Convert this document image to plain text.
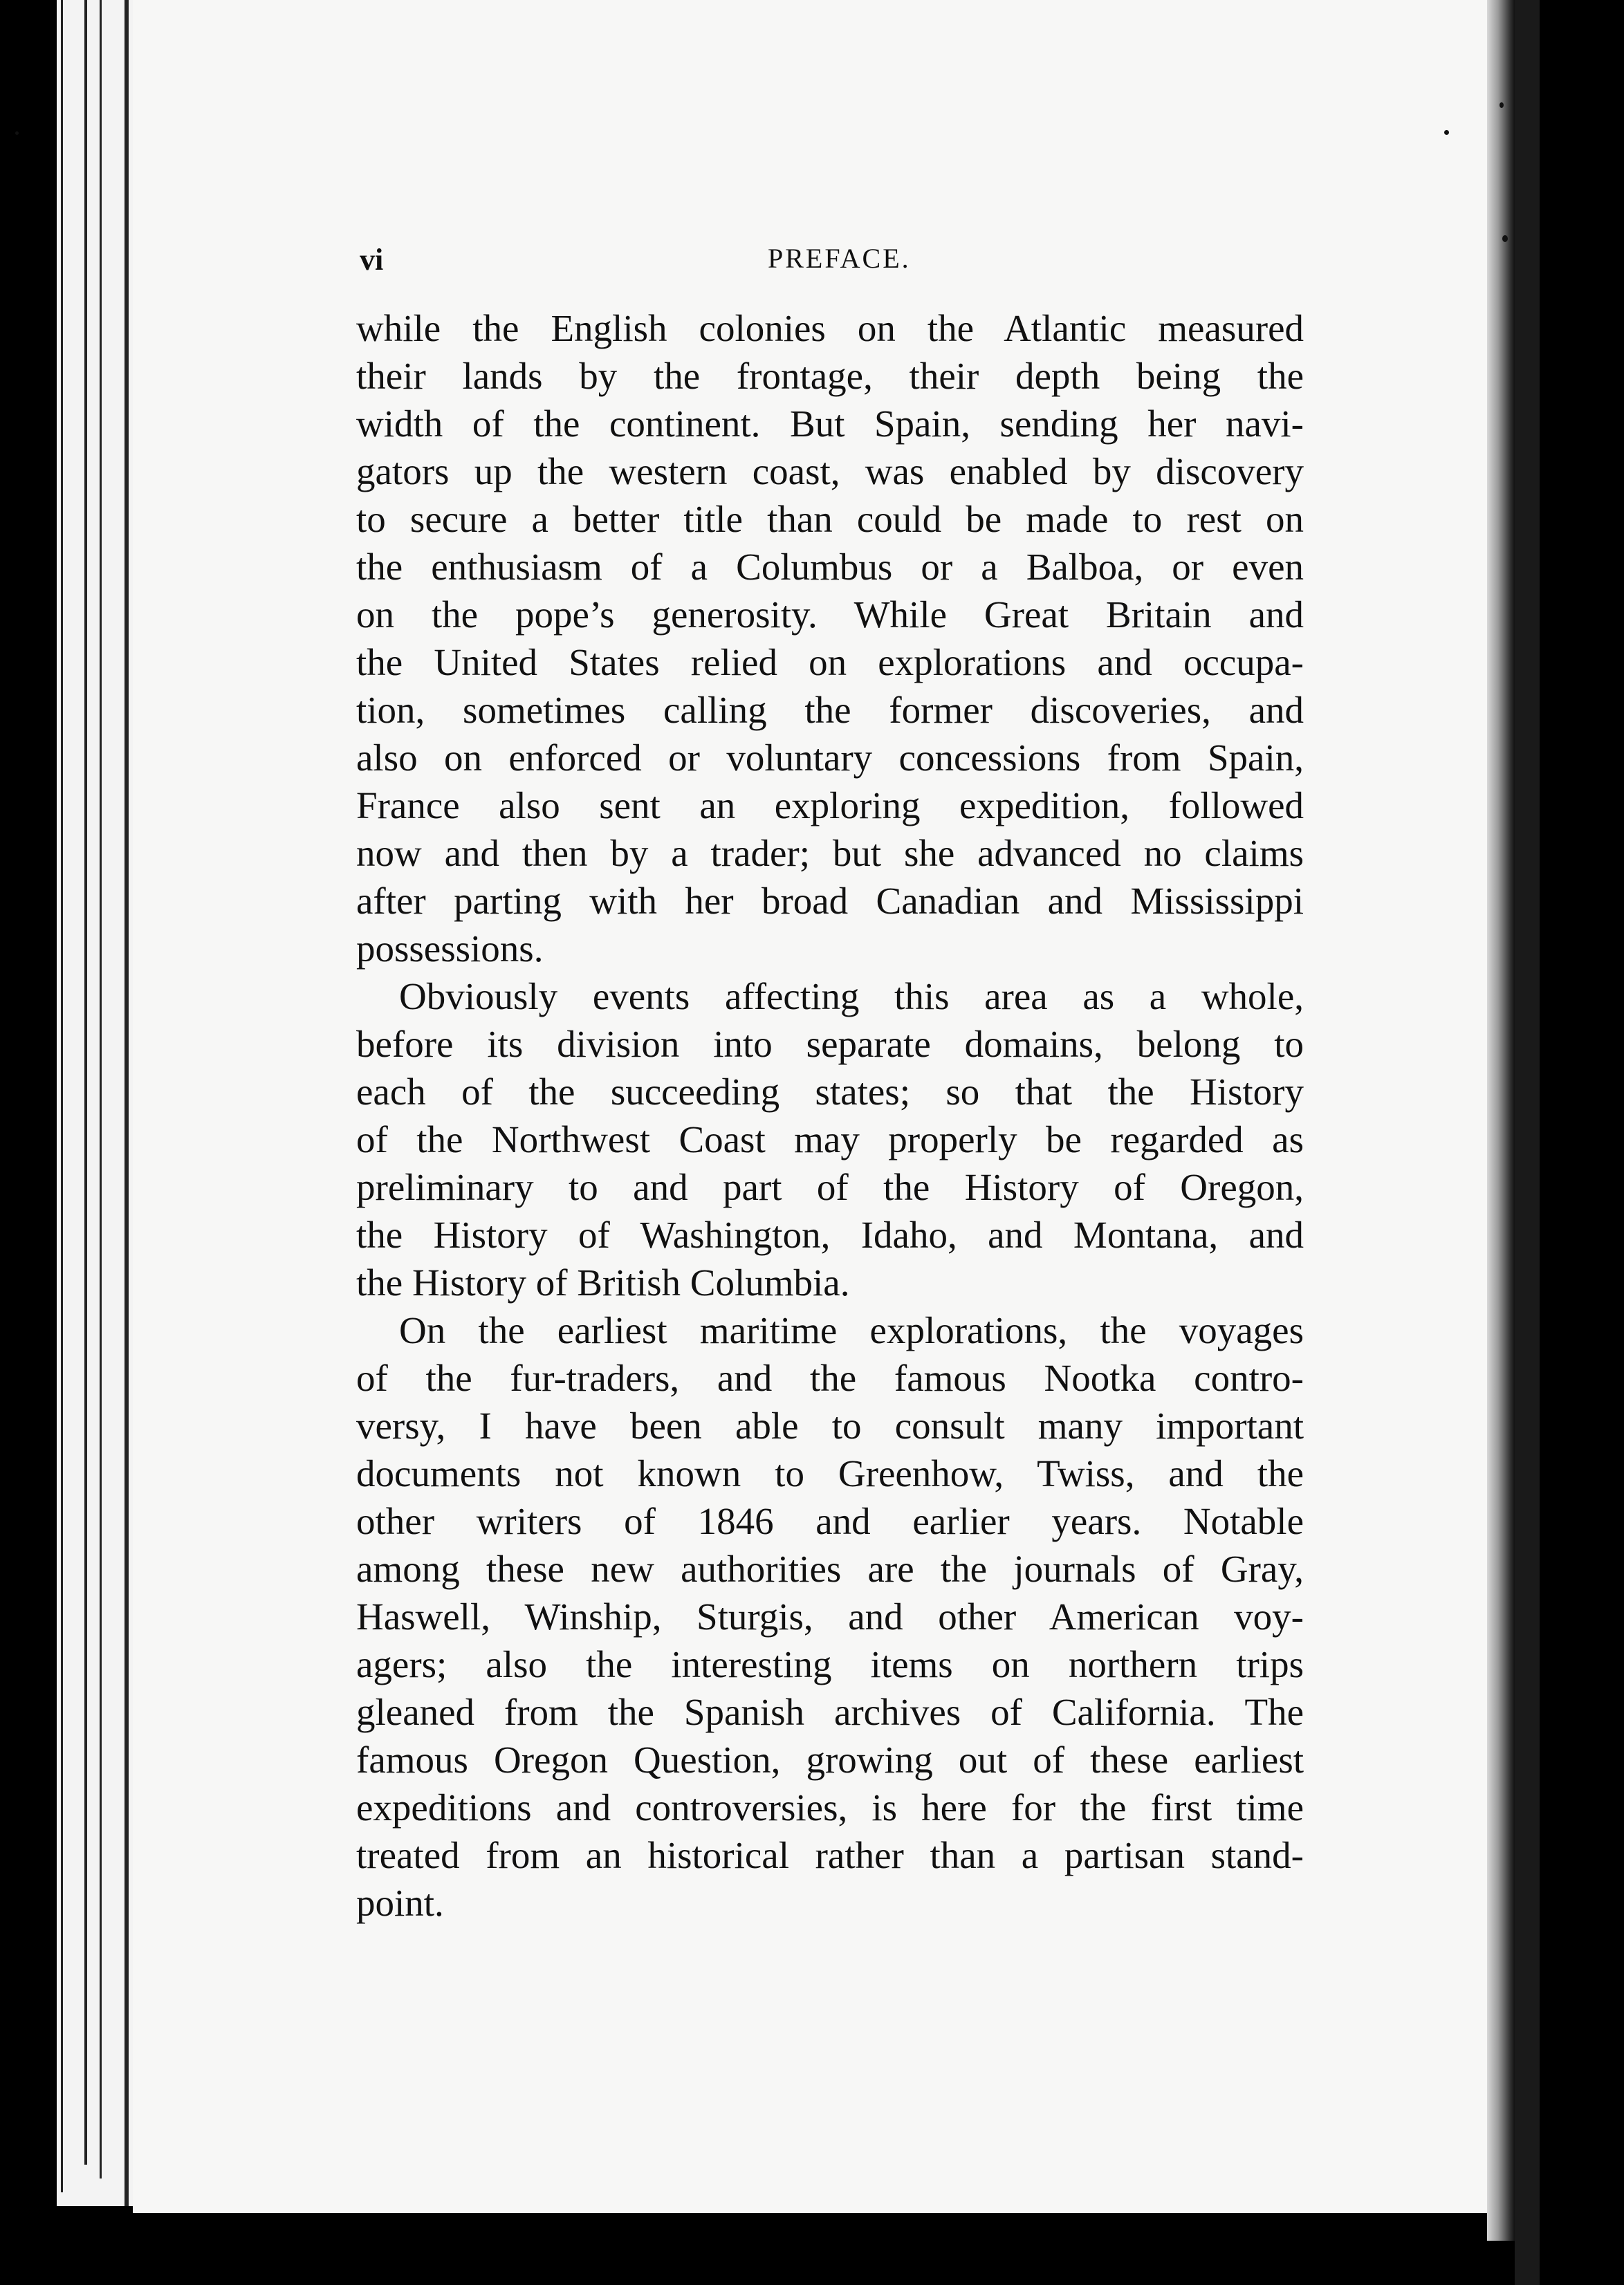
vi	PREFACE.
while the English colonies on the Atlantic measured
their lands by the frontage, their depth being the
width of the continent. But Spain, sending her navi-
gators up the western coast, was enabled by discovery
to secure a better title than could be made to rest on
the enthusiasm of a Columbus or a Balboa, or even
on the pope’s generosity. While Great Britain and
the United States relied on explorations and occupa-
tion, sometimes calling the former discoveries, and
also on enforced or voluntary concessions from Spain,
France also sent an exploring expedition, followed
now and then by a trader; but she advanced no claims
after parting with her broad Canadian and Mississippi
possessions.
Obviously events affecting this area as a whole,
before its division into separate domains, belong to
each of the succeeding states; so that the History
of the Northwest Coast may properly be regarded as
preliminary to and part of the History of Oregon,
the History of Washington, Idaho, and Montana, and
the History of British Columbia.
On the earliest maritime explorations, the voyages
of the fur-traders, and the famous Nootka contro-
versy, I have been able to consult many important
documents not known to Greenhow, Twiss, and the
other writers of 1846 and earlier years. Notable
among these new authorities are the journals of Gray,
Haswell, Winship, Sturgis, and other American voy-
agers; also the interesting items on northern trips
gleaned from the Spanish archives of California. The
famous Oregon Question, growing out of these earliest
expeditions and controversies, is here for the first time
treated from an historical rather than a partisan stand-
point.
